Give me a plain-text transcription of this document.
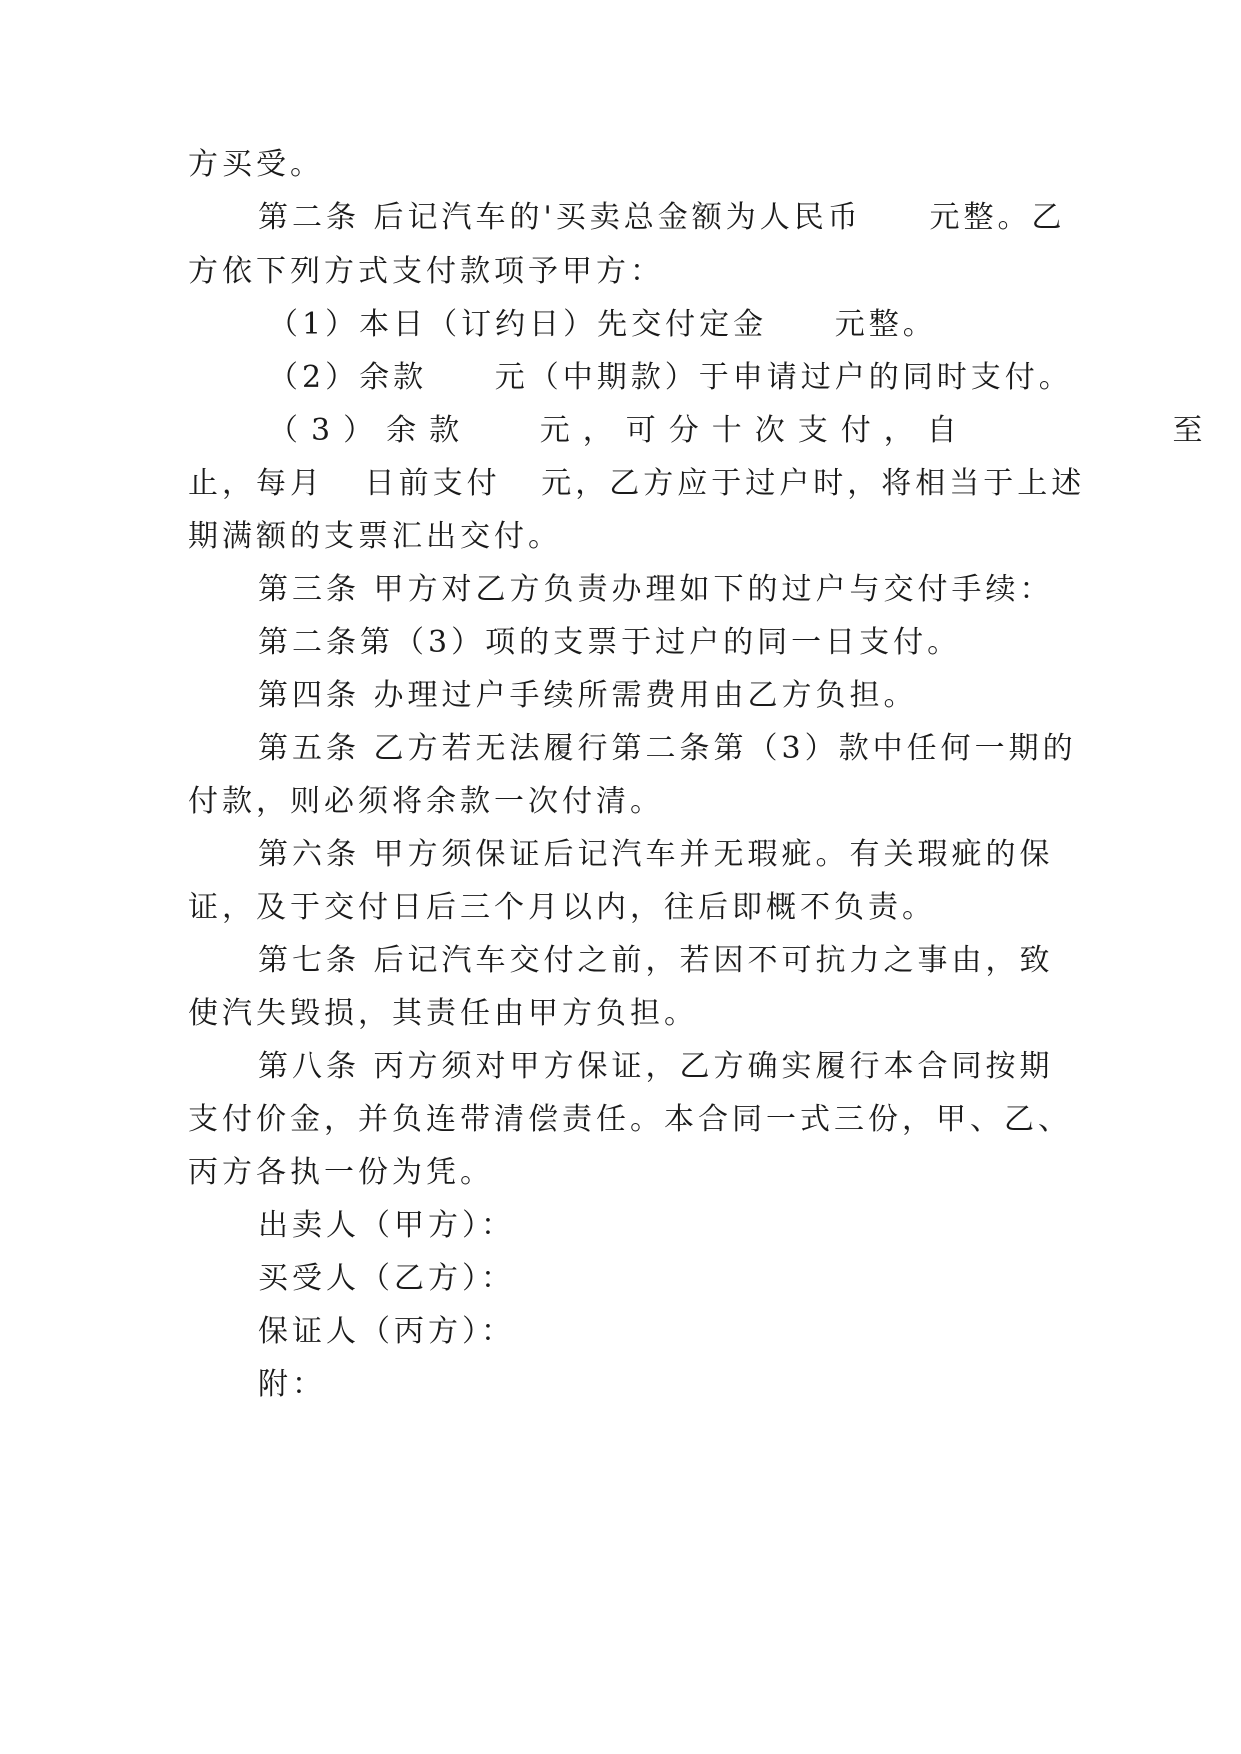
方买受。
第二条 后记汽车的'买卖总金额为人民币     元整。乙
方依下列方式支付款项予甲方：
（1）本日（订约日）先交付定金     元整。
（2）余款     元（中期款）于申请过户的同时支付。
（3）余款   元，可分十次支付，自         至
止，每月   日前支付   元，乙方应于过户时，将相当于上述
期满额的支票汇出交付。
第三条 甲方对乙方负责办理如下的过户与交付手续：
第二条第（3）项的支票于过户的同一日支付。
第四条 办理过户手续所需费用由乙方负担。
第五条 乙方若无法履行第二条第（3）款中任何一期的
付款，则必须将余款一次付清。
第六条 甲方须保证后记汽车并无瑕疵。有关瑕疵的保
证，及于交付日后三个月以内，往后即概不负责。
第七条 后记汽车交付之前，若因不可抗力之事由，致
使汽失毁损，其责任由甲方负担。
第八条 丙方须对甲方保证，乙方确实履行本合同按期
支付价金，并负连带清偿责任。本合同一式三份，甲、乙、
丙方各执一份为凭。
出卖人（甲方）：
买受人（乙方）：
保证人（丙方）：
附：
